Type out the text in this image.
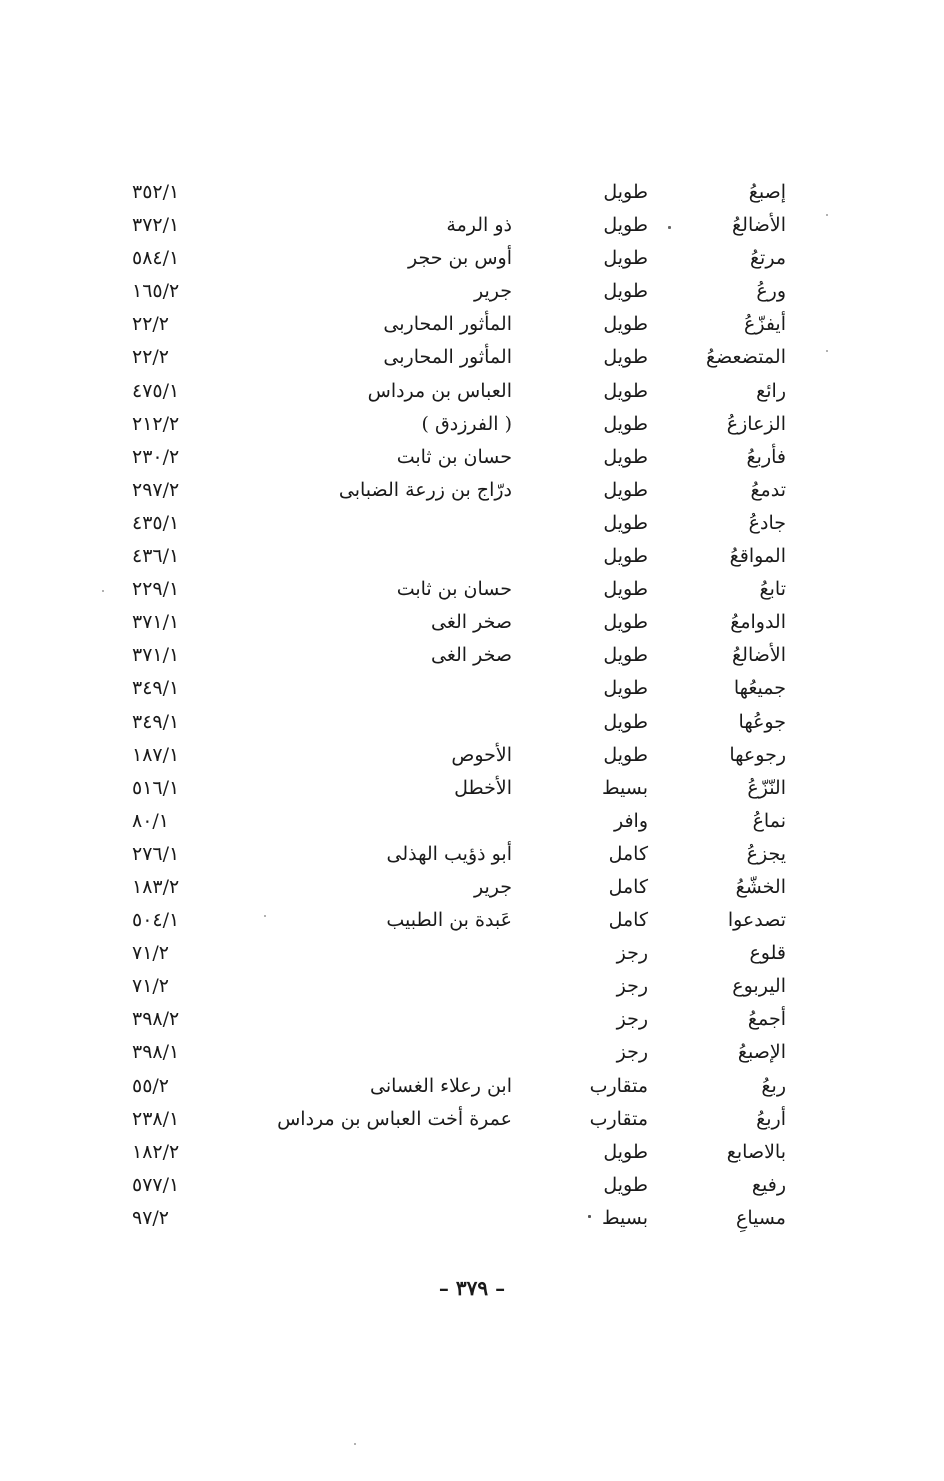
إصبعُ
طويل
٣٥٢/١
الأضالعُ
طويل
ذو الرمة
٣٧٢/١
مرتعُ
طويل
أوس بن حجر
٥٨٤/١
ورعُ
طويل
جرير
١٦٥/٢
أيفزّعُ
طويل
المأثور المحاربى
٢٢/٢
المتضعضعُ
طويل
المأثور المحاربى
٢٢/٢
رائع
طويل
العباس بن مرداس
٤٧٥/١
الزعازعُ
طويل
( الفرزدق )
٢١٢/٢
فأربعُ
طويل
حسان بن ثابت
٢٣٠/٢
تدمعُ
طويل
درّاج بن زرعة الضبابى
٢٩٧/٢
جادعُ
طويل
٤٣٥/١
المواقعُ
طويل
٤٣٦/١
تابعُ
طويل
حسان بن ثابت
٢٢٩/١
الدوامعُ
طويل
صخر الغى
٣٧١/١
الأضالعُ
طويل
صخر الغى
٣٧١/١
جميعُها
طويل
٣٤٩/١
جوعُها
طويل
٣٤٩/١
رجوعها
طويل
الأحوص
١٨٧/١
النّزّعُ
بسيط
الأخطل
٥١٦/١
نماعُ
وافر
٨٠/١
يجزعُ
كامل
أبو ذؤيب الهذلى
٢٧٦/١
الخشّعُ
كامل
جرير
١٨٣/٢
تصدعوا
كامل
عَبدة بن الطبيب
٥٠٤/١
قلوع
رجز
٧١/٢
اليربوع
رجز
٧١/٢
أجمعُ
رجز
٣٩٨/٢
الإصبعُ
رجز
٣٩٨/١
ربعُ
متقارب
ابن رعلاء الغسانى
٥٥/٢
أربعُ
متقارب
عمرة أخت العباس بن مرداس
٢٣٨/١
بالاصابع
طويل
١٨٢/٢
رفيع
طويل
٥٧٧/١
مسياعِ
بسيط
٩٧/٢
– ٣٧٩ –
